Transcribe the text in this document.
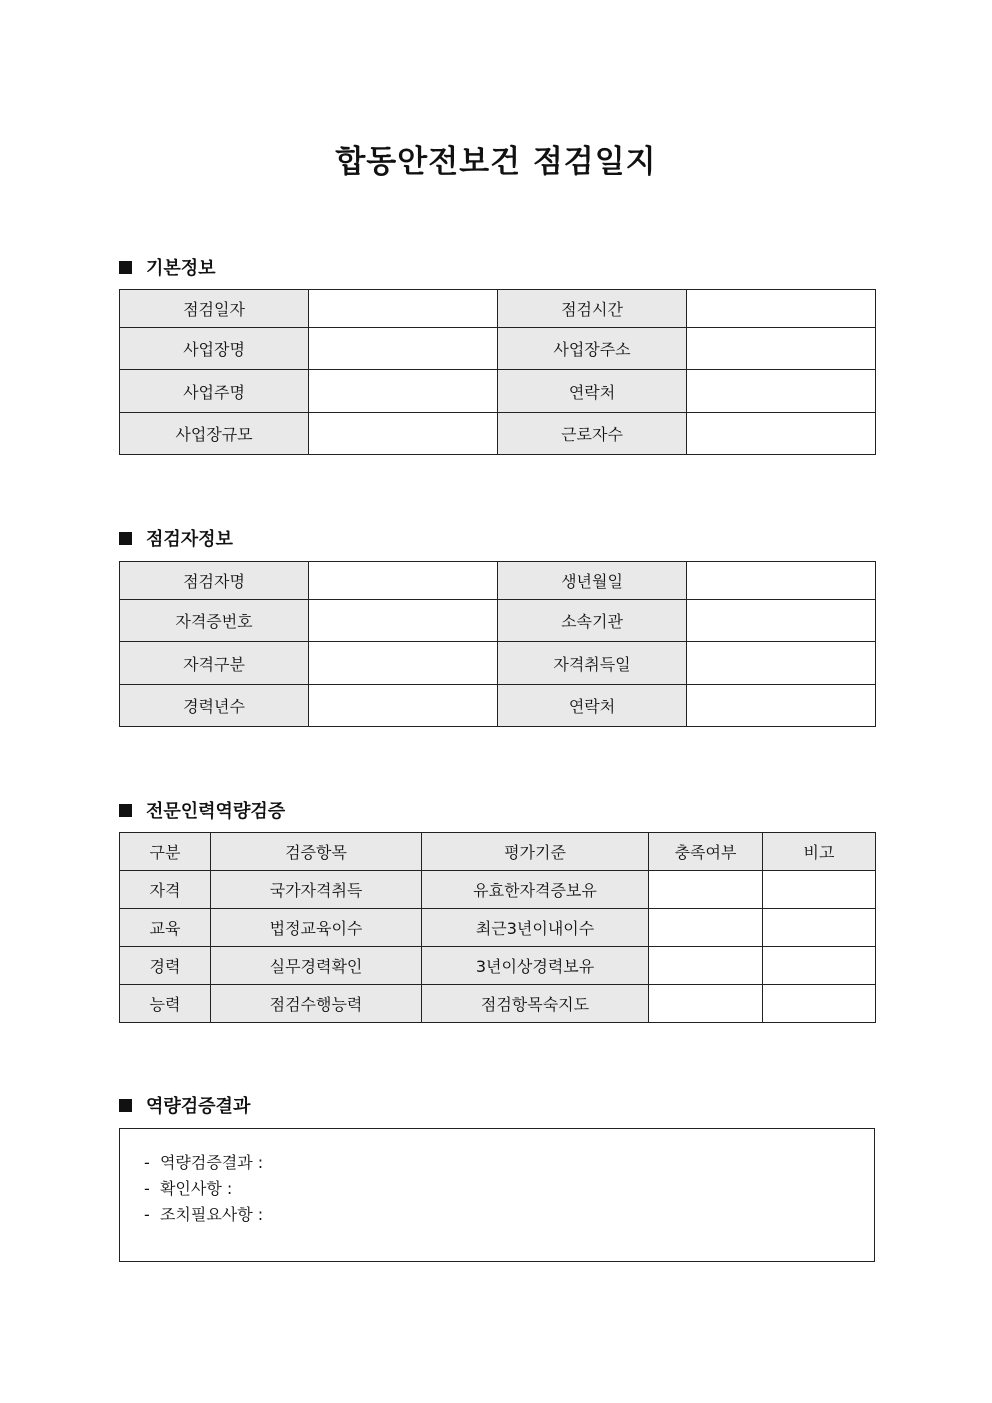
합동안전보건 점검일지
기본정보
점검일자		점검시간	
사업장명		사업장주소	
사업주명		연락처	
사업장규모		근로자수	
점검자정보
점검자명		생년월일	
자격증번호		소속기관	
자격구분		자격취득일	
경력년수		연락처	
전문인력역량검증
구분	검증항목	평가기준	충족여부	비고
자격	국가자격취득	유효한자격증보유		
교육	법정교육이수	최근3년이내이수		
경력	실무경력확인	3년이상경력보유		
능력	점검수행능력	점검항목숙지도		
역량검증결과
-  역량검증결과 :
-  확인사항 :
-  조치필요사항 :
